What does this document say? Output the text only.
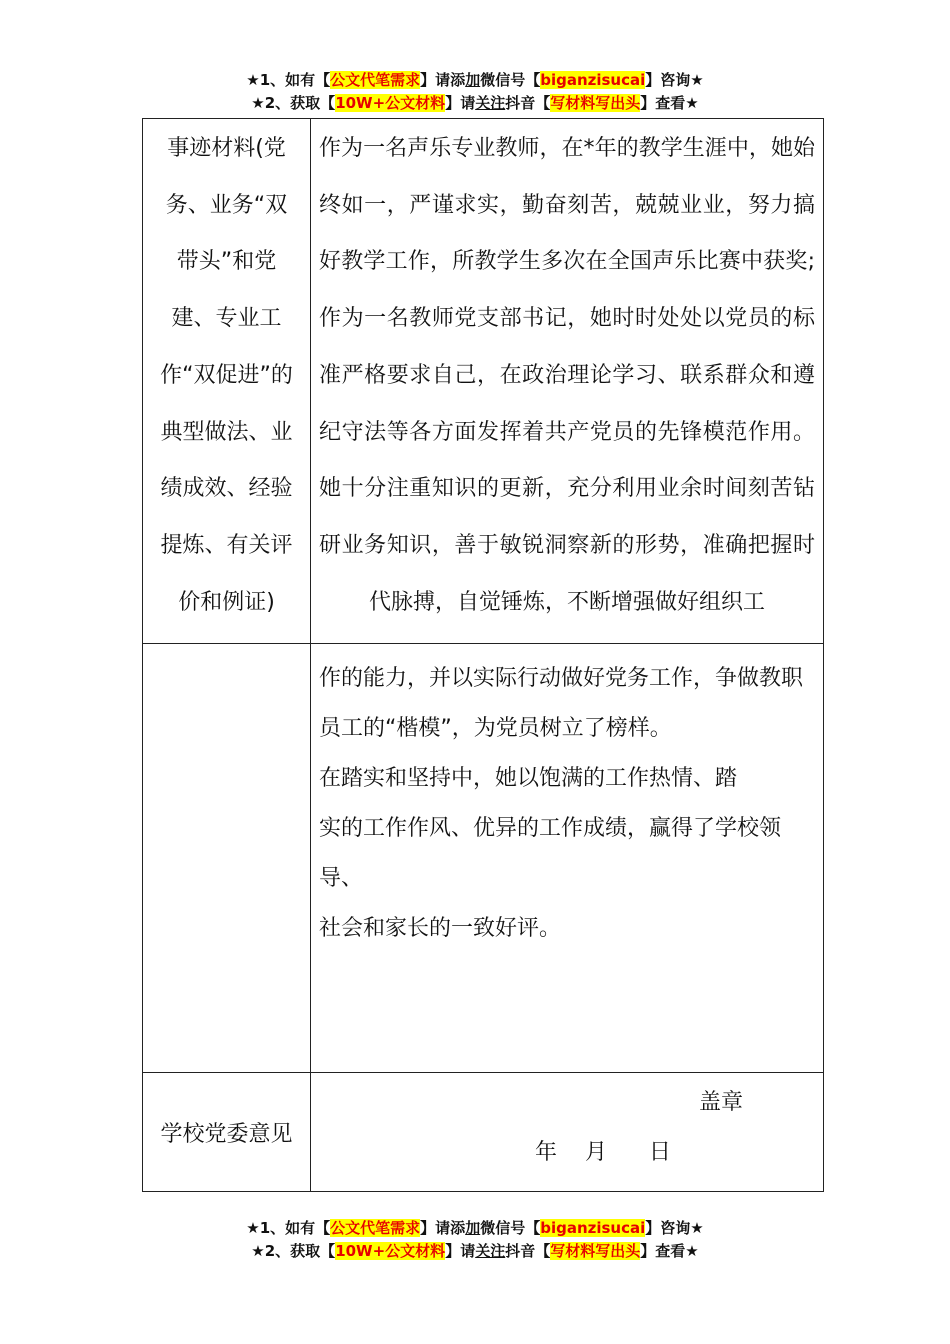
★1、如有【公文代笔需求】请添加微信号【biganzisucai】咨询★
★2、获取【10W+公文材料】请关注抖音【写材料写出头】查看★
事迹材料(党务、业务“双带头”和党建、专业工作“双促进”的典型做法、业绩成效、经验提炼、有关评价和例证)	作为一名声乐专业教师，在*年的教学生涯中，她始终如一，严谨求实，勤奋刻苦，兢兢业业，努力搞好教学工作，所教学生多次在全国声乐比赛中获奖;作为一名教师党支部书记，她时时处处以党员的标准严格要求自己，在政治理论学习、联系群众和遵纪守法等各方面发挥着共产党员的先锋模范作用。她十分注重知识的更新，充分利用业余时间刻苦钻研业务知识，善于敏锐洞察新的形势，准确把握时代脉搏，自觉锤炼，不断增强做好组织工

	作的能力，并以实际行动做好党务工作，争做教职员工的“楷模”，为党员树立了榜样。

在踏实和坚持中，她以饱满的工作热情、踏

实的工作作风、优异的工作成绩，赢得了学校领导、

社会和家长的一致好评。

学校党委意见	盖章
年    月      日
★1、如有【公文代笔需求】请添加微信号【biganzisucai】咨询★
★2、获取【10W+公文材料】请关注抖音【写材料写出头】查看★
